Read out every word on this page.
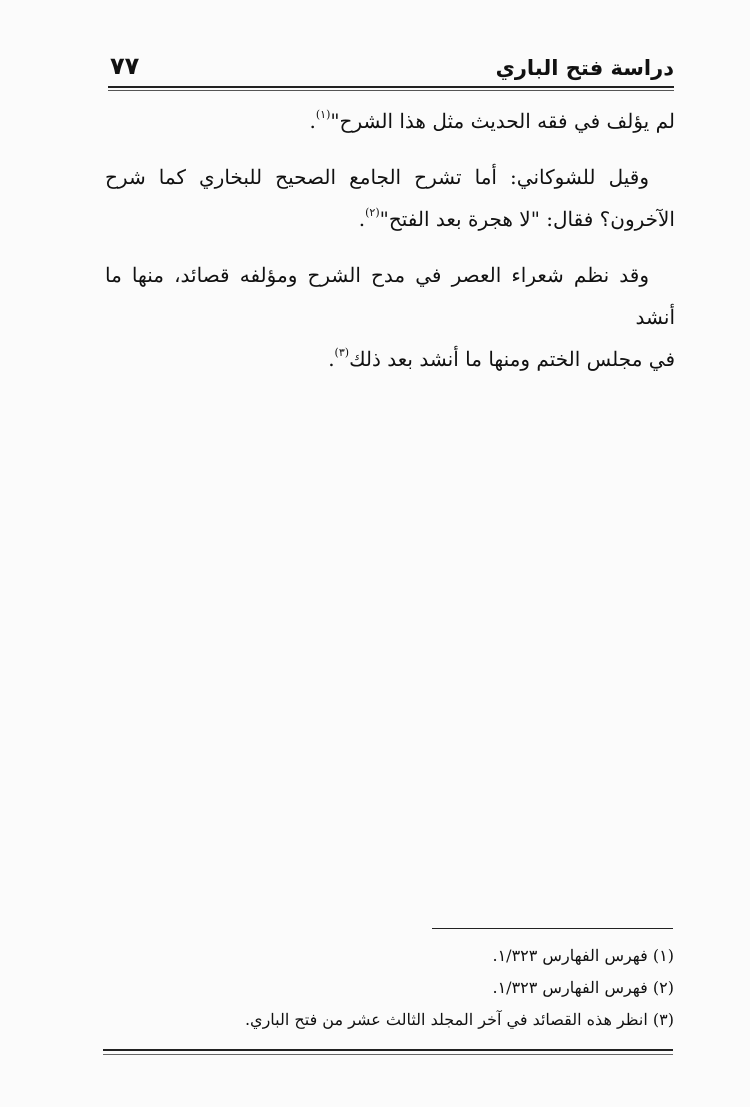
٧٧	دراسة فتح الباري

لم يؤلف في فقه الحديث مثل هذا الشرح"$^{(١)}$.

وقيل للشوكاني: أما تشرح الجامع الصحيح للبخاري كما شرح
الآخرون؟ فقال: "لا هجرة بعد الفتح"$^{(٢)}$.

وقد نظم شعراء العصر في مدح الشرح ومؤلفه قصائد، منها ما أنشد
في مجلس الختم ومنها ما أنشد بعد ذلك$^{(٣)}$.

(١) فهرس الفهارس ١/٣٢٣.
(٢) فهرس الفهارس ١/٣٢٣.
(٣) انظر هذه القصائد في آخر المجلد الثالث عشر من فتح الباري.
